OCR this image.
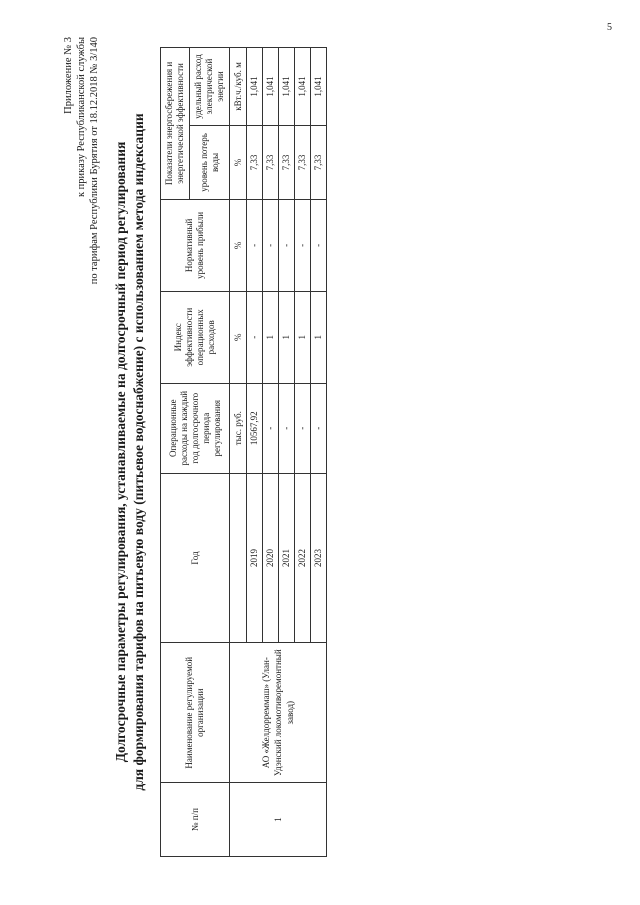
5
Приложение № 3 к приказу Республиканской службы по тарифам Республики Бурятия от 18.12.2018 № 3/140 Долгосрочные параметры регулирования, устанавливаемые на долгосрочный период регулирования для формирования тарифов на питьевую воду (питьевое водоснабжение) с использованием метода индексации
№ п/п	Наименование регулируемой организации	Год	Операционные расходы на каждый год долгосрочного периода регулирования	Индекс эффективности операционных расходов	Нормативный уровень прибыли	Показатели энергосбережения и энергетической эффективности	
						уровень потерь воды	удельный расход электрической энергии
1	АО «Желдорреммаш» (Улан-Удэнский локомотиворемонтный завод)		тыс. руб.	%	%	%	кВт.ч./куб. м
		2019	10567,92	-	-	7,33	1,041
		2020	-	1	-	7,33	1,041
		2021	-	1	-	7,33	1,041
		2022	-	1	-	7,33	1,041
		2023	-	1	-	7,33	1,041
